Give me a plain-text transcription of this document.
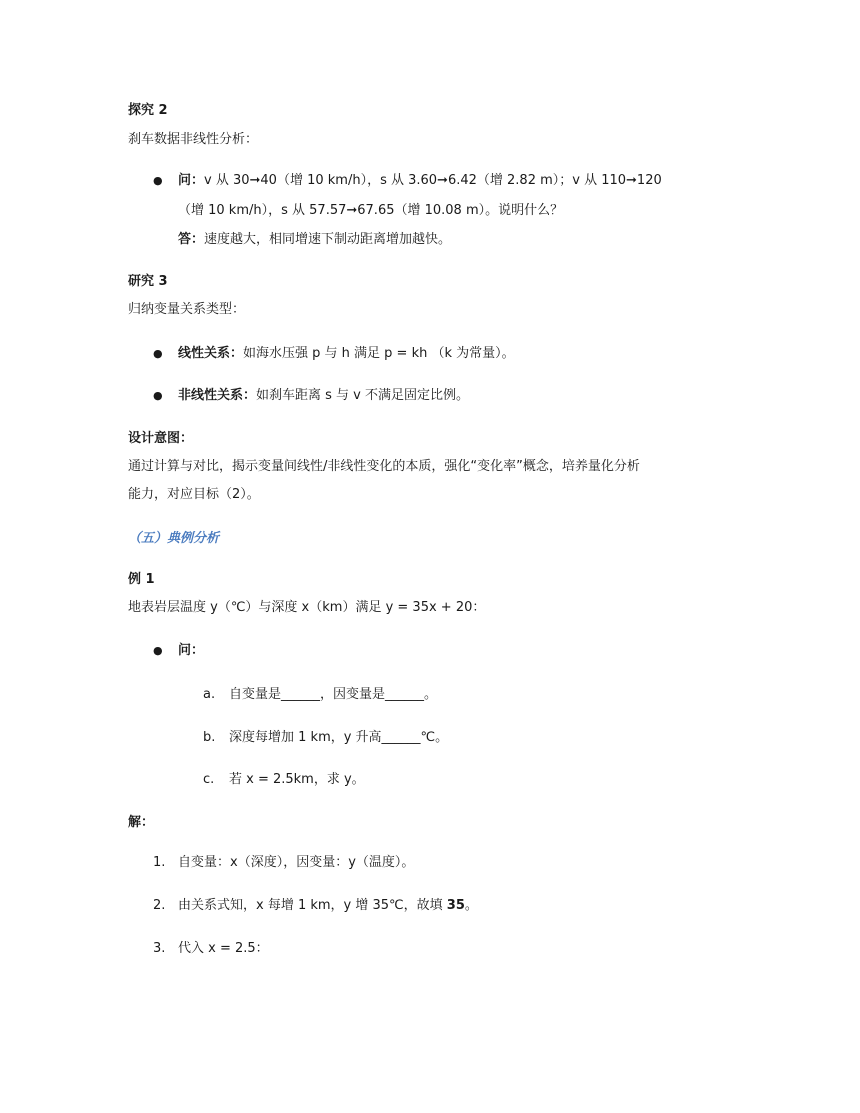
探究 2
刹车数据非线性分析：
● 问：v 从 30➞40（增 10 km/h），s 从 3.60➞6.42（增 2.82 m）；v 从 110➞120
（增 10 km/h），s 从 57.57➞67.65（增 10.08 m）。说明什么？
答：速度越大，相同增速下制动距离增加越快。
研究 3
归纳变量关系类型：
● 线性关系：如海水压强 p 与 h 满足 p = kh （k 为常量）。
● 非线性关系：如刹车距离 s 与 v 不满足固定比例。
设计意图：
通过计算与对比，揭示变量间线性/非线性变化的本质，强化“变化率”概念，培养量化分析
能力，对应目标（2）。
（五）典例分析
例 1
地表岩层温度 y（℃）与深度 x（km）满足 y = 35x + 20：
● 问：
a. 自变量是______，因变量是______。
b. 深度每增加 1 km，y 升高______℃。
c. 若 x = 2.5km，求 y。
解：
1. 自变量：x（深度），因变量：y（温度）。
2. 由关系式知，x 每增 1 km，y 增 35℃，故填 35。
3. 代入 x = 2.5：
